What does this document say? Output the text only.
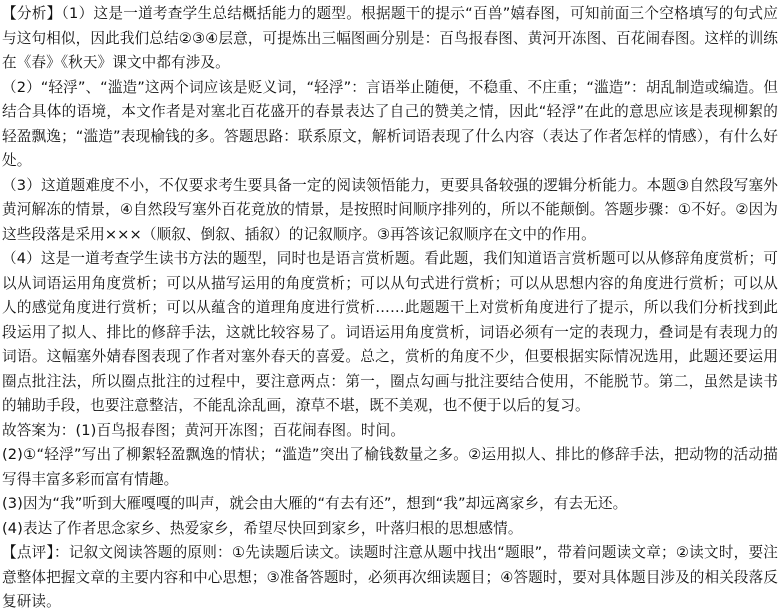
【分析】（1）这是一道考查学生总结概括能力的题型。根据题干的提示“百兽”嬉春图，可知前面三个空格填写的句式应与这句相似，因此我们总结②③④层意，可提炼出三幅图画分别是：百鸟报春图、黄河开冻图、百花闹春图。这样的训练在《春》《秋天》课文中都有涉及。

（2）“轻浮”、“滥造”这两个词应该是贬义词，“轻浮”：言语举止随便，不稳重、不庄重；“滥造”：胡乱制造或编造。但结合具体的语境，本文作者是对塞北百花盛开的春景表达了自己的赞美之情，因此“轻浮”在此的意思应该是表现柳絮的轻盈飘逸；“滥造”表现榆钱的多。答题思路：联系原文，解析词语表现了什么内容（表达了作者怎样的情感），有什么好处。

（3）这道题难度不小，不仅要求考生要具备一定的阅读领悟能力，更要具备较强的逻辑分析能力。本题③自然段写塞外黄河解冻的情景，④自然段写塞外百花竟放的情景，是按照时间顺序排列的，所以不能颠倒。答题步骤：①不好。②因为这些段落是采用×××（顺叙、倒叙、插叙）的记叙顺序。③再答该记叙顺序在文中的作用。

（4）这是一道考查学生读书方法的题型，同时也是语言赏析题。看此题，我们知道语言赏析题可以从修辞角度赏析；可以从词语运用角度赏析；可以从描写运用的角度赏析；可以从句式进行赏析；可以从思想内容的角度进行赏析；可以从人的感觉角度进行赏析；可以从蕴含的道理角度进行赏析……此题题干上对赏析角度进行了提示，所以我们分析找到此段运用了拟人、排比的修辞手法，这就比较容易了。词语运用角度赏析，词语必须有一定的表现力，叠词是有表现力的词语。这幅塞外婧春图表现了作者对塞外春天的喜爱。总之，赏析的角度不少，但要根据实际情况选用，此题还要运用圈点批注法，所以圈点批注的过程中，要注意两点：第一，圈点勾画与批注要结合使用，不能脱节。第二，虽然是读书的辅助手段，也要注意整洁，不能乱涂乱画，潦草不堪，既不美观，也不便于以后的复习。

故答案为：(1)百鸟报春图；黄河开冻图；百花闹春图。时间。

(2)①“轻浮”写出了柳絮轻盈飘逸的情状；“滥造”突出了榆钱数量之多。②运用拟人、排比的修辞手法，把动物的活动描写得丰富多彩而富有情趣。

(3)因为“我”听到大雁嘎嘎的叫声，就会由大雁的“有去有还”，想到“我”却远离家乡，有去无还。

(4)表达了作者思念家乡、热爱家乡，希望尽快回到家乡，叶落归根的思想感情。

【点评】：记叙文阅读答题的原则：①先读题后读文。读题时注意从题中找出“题眼”，带着问题读文章；②读文时，要注意整体把握文章的主要内容和中心思想；③准备答题时，必须再次细读题目；④答题时，要对具体题目涉及的相关段落反复研读。
